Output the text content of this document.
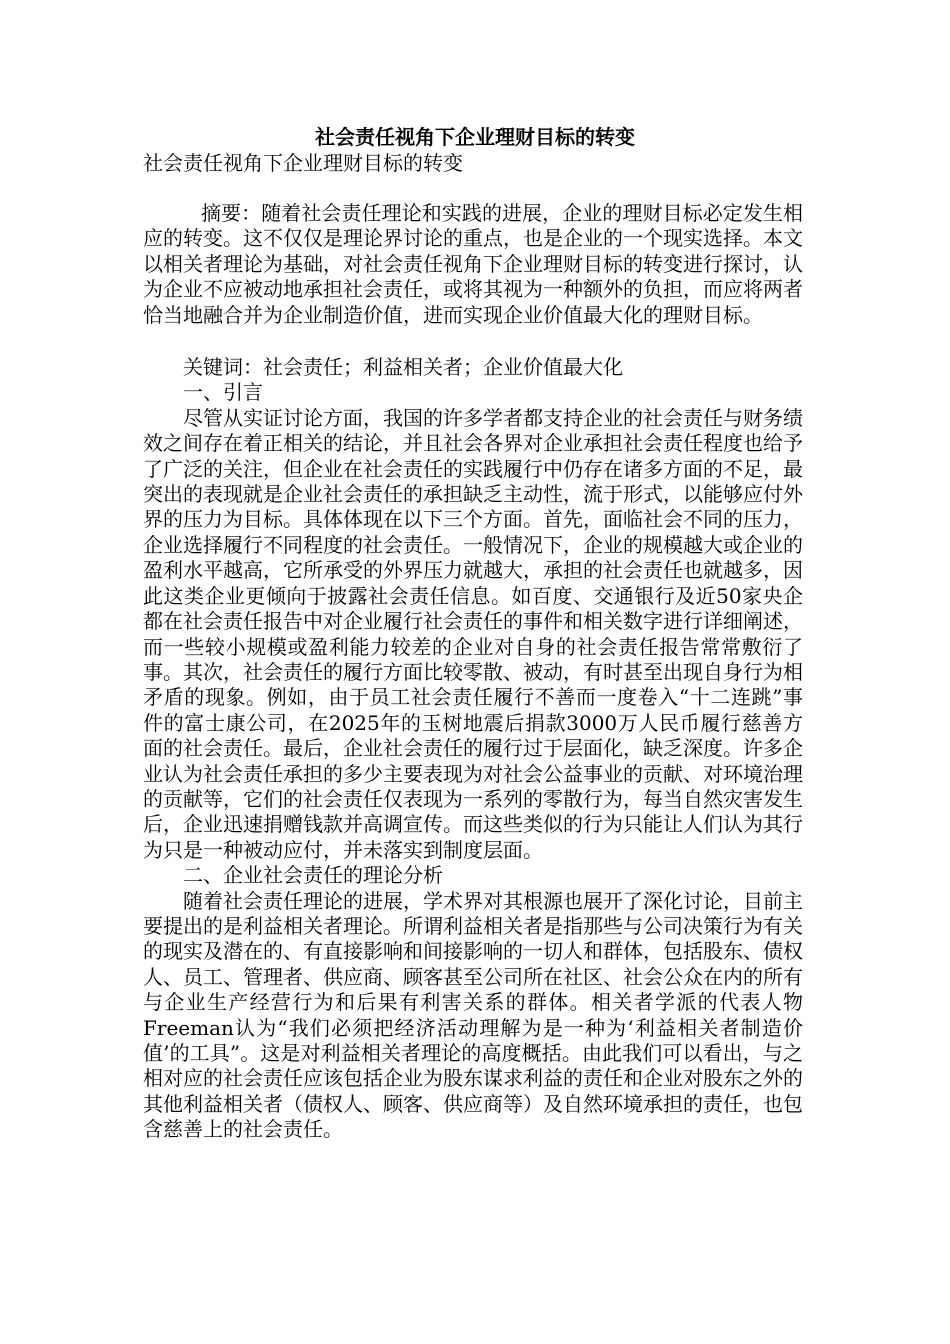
社会责任视角下企业理财目标的转变
社会责任视角下企业理财目标的转变

摘要：随着社会责任理论和实践的进展，企业的理财目标必定发生相应的转变。这不仅仅是理论界讨论的重点，也是企业的一个现实选择。本文以相关者理论为基础，对社会责任视角下企业理财目标的转变进行探讨，认为企业不应被动地承担社会责任，或将其视为一种额外的负担，而应将两者恰当地融合并为企业制造价值，进而实现企业价值最大化的理财目标。

关键词：社会责任；利益相关者；企业价值最大化

一、引言

尽管从实证讨论方面，我国的许多学者都支持企业的社会责任与财务绩效之间存在着正相关的结论，并且社会各界对企业承担社会责任程度也给予了广泛的关注，但企业在社会责任的实践履行中仍存在诸多方面的不足，最突出的表现就是企业社会责任的承担缺乏主动性，流于形式，以能够应付外界的压力为目标。具体体现在以下三个方面。首先，面临社会不同的压力，企业选择履行不同程度的社会责任。一般情况下，企业的规模越大或企业的盈利水平越高，它所承受的外界压力就越大，承担的社会责任也就越多，因此这类企业更倾向于披露社会责任信息。如百度、交通银行及近50家央企都在社会责任报告中对企业履行社会责任的事件和相关数字进行详细阐述，而一些较小规模或盈利能力较差的企业对自身的社会责任报告常常敷衍了事。其次，社会责任的履行方面比较零散、被动，有时甚至出现自身行为相矛盾的现象。例如，由于员工社会责任履行不善而一度卷入“十二连跳”事件的富士康公司，在2025年的玉树地震后捐款3000万人民币履行慈善方面的社会责任。最后，企业社会责任的履行过于层面化，缺乏深度。许多企业认为社会责任承担的多少主要表现为对社会公益事业的贡献、对环境治理的贡献等，它们的社会责任仅表现为一系列的零散行为，每当自然灾害发生后，企业迅速捐赠钱款并高调宣传。而这些类似的行为只能让人们认为其行为只是一种被动应付，并未落实到制度层面。

二、企业社会责任的理论分析

随着社会责任理论的进展，学术界对其根源也展开了深化讨论，目前主要提出的是利益相关者理论。所谓利益相关者是指那些与公司决策行为有关的现实及潜在的、有直接影响和间接影响的一切人和群体，包括股东、债权人、员工、管理者、供应商、顾客甚至公司所在社区、社会公众在内的所有与企业生产经营行为和后果有利害关系的群体。相关者学派的代表人物Freeman认为“我们必须把经济活动理解为是一种为‘利益相关者制造价值’的工具”。这是对利益相关者理论的高度概括。由此我们可以看出，与之相对应的社会责任应该包括企业为股东谋求利益的责任和企业对股东之外的其他利益相关者（债权人、顾客、供应商等）及自然环境承担的责任，也包含慈善上的社会责任。
